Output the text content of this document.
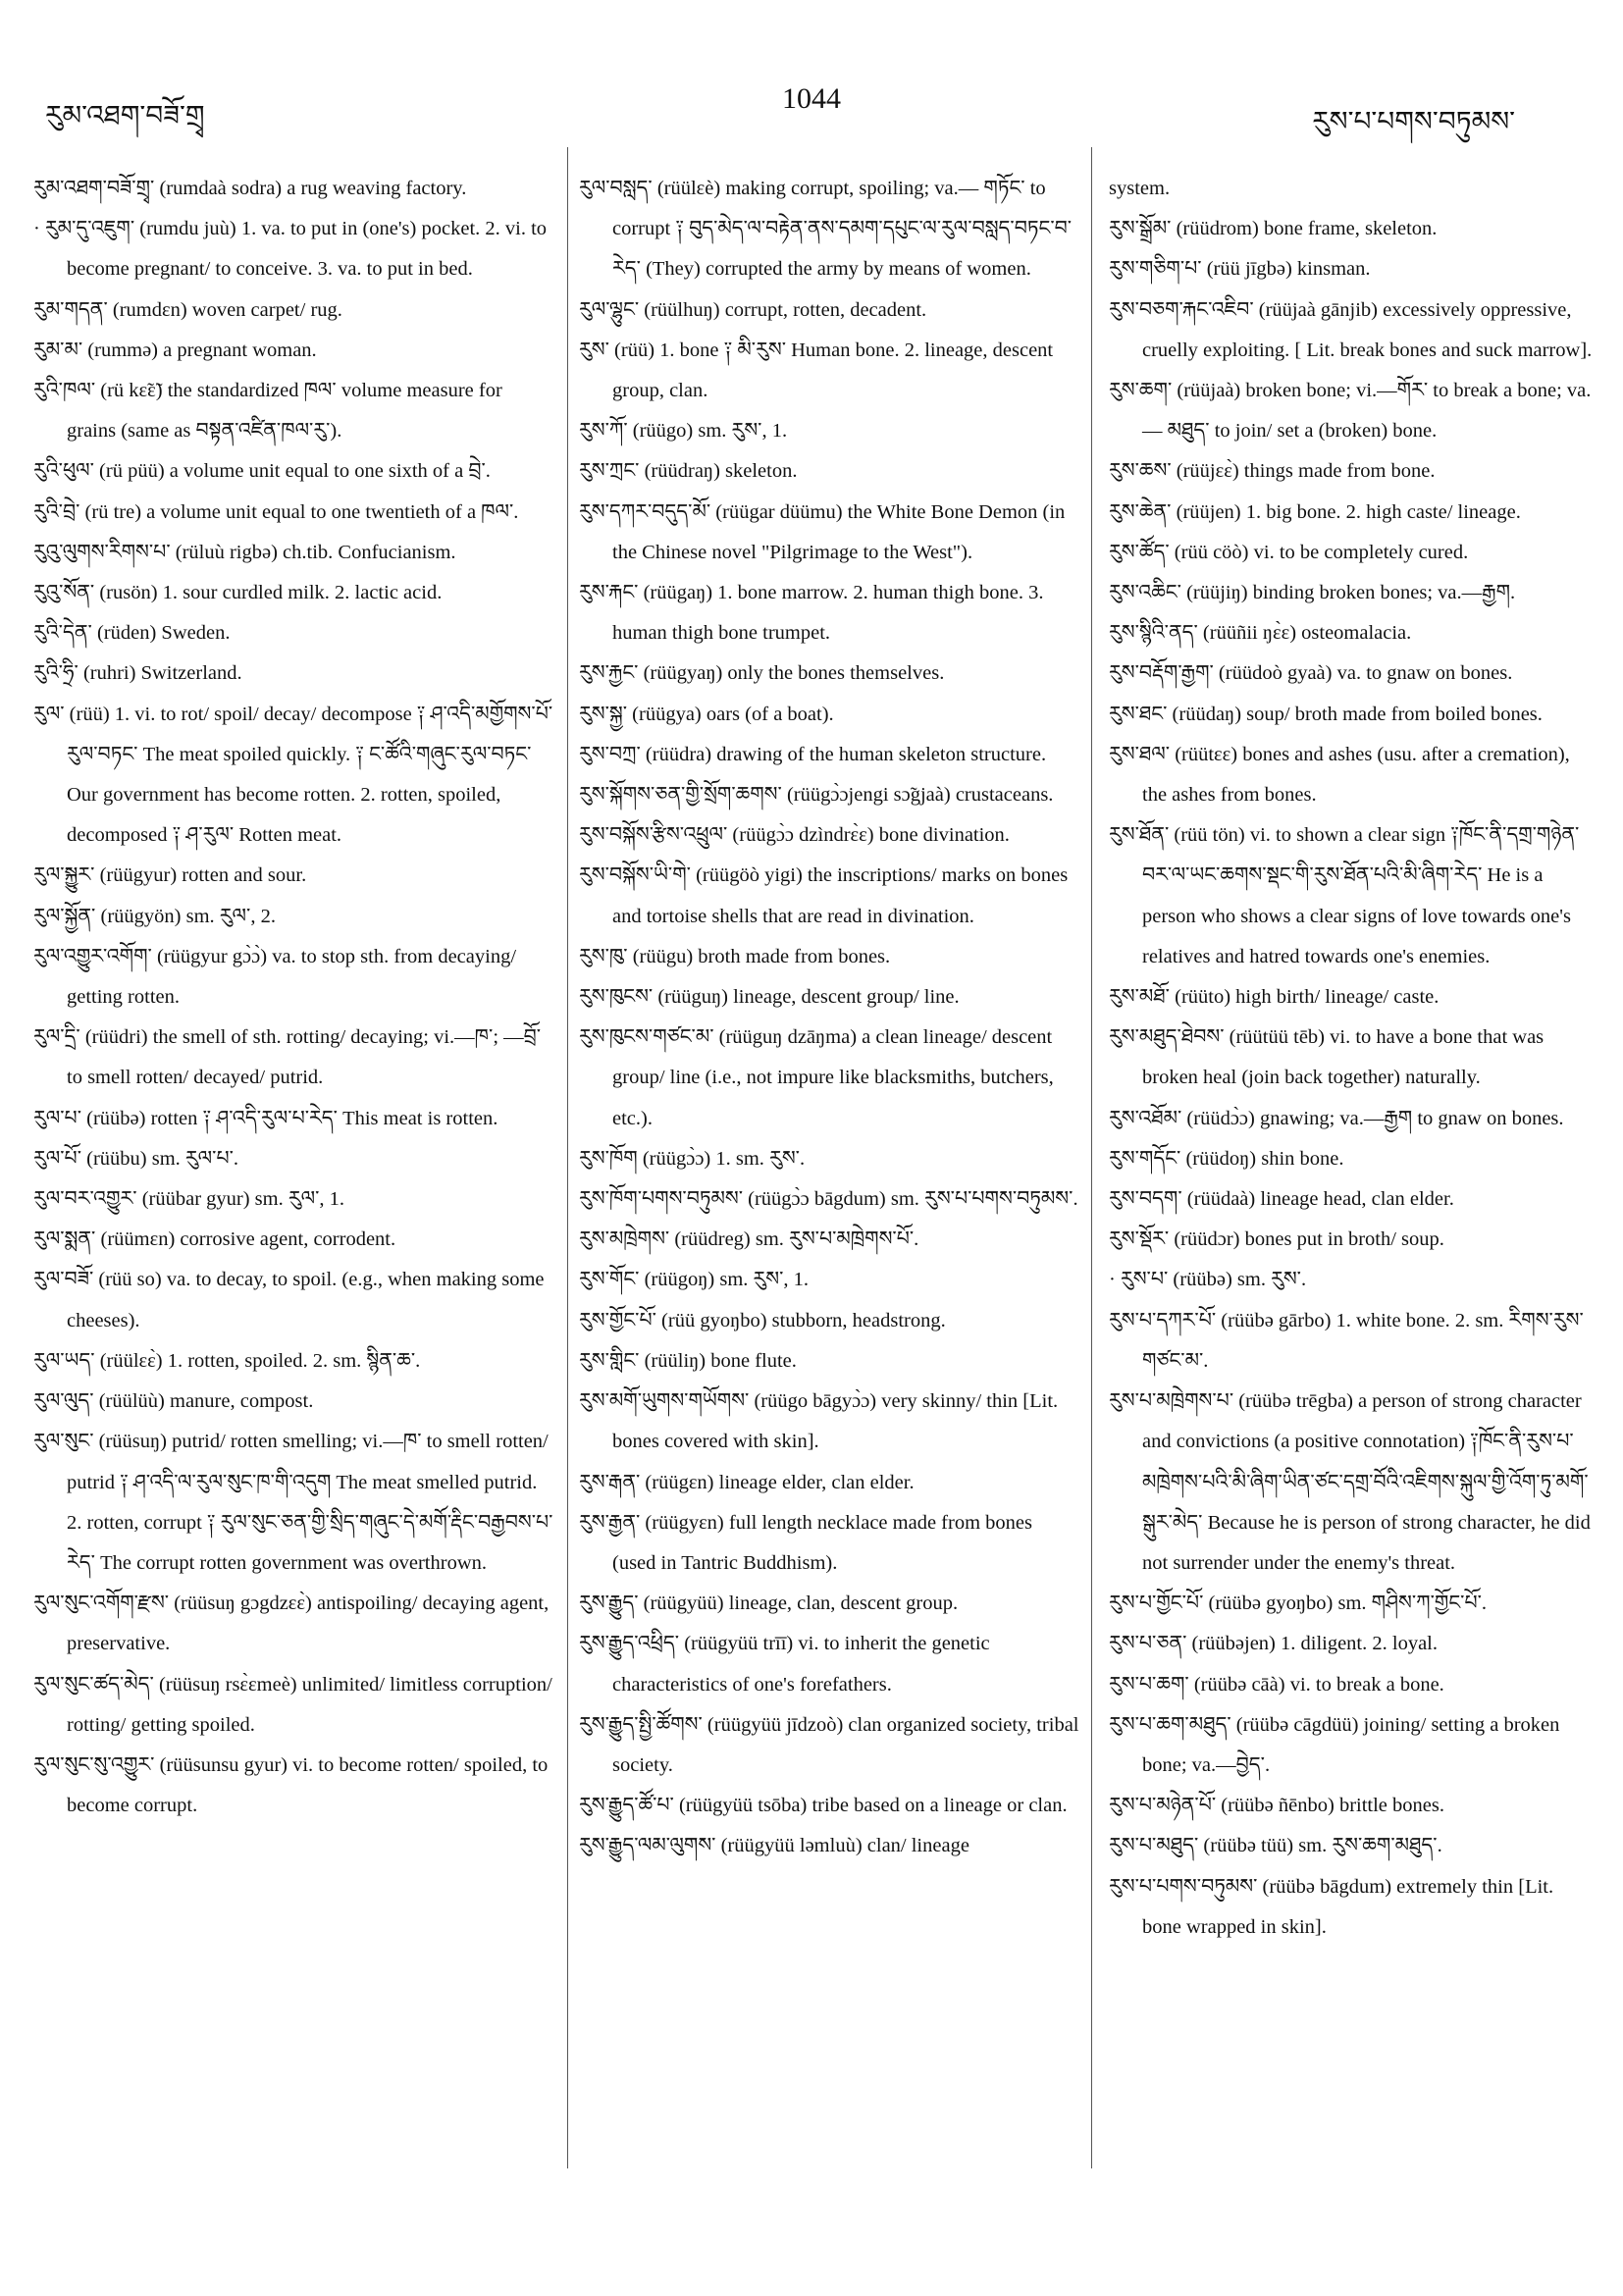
རུམ་འཐག་བཟོ་གྲྭ
1044
རུས་པ་པགས་བཏུམས་

རུམ་འཐག་བཟོ་གྲྭ་ (rumdaà sodra) a rug weaving factory.

· རུམ་དུ་འཇུག་ (rumdu juù) 1. va. to put in (one's) pocket. 2. vi. to become pregnant/ to conceive. 3. va. to put in bed.

རུམ་གདན་ (rumdɛn) woven carpet/ rug.

རུམ་མ་ (rummə) a pregnant woman.

རུའི་ཁལ་ (rü kɛ̃ɛ̃) the standardized ཁལ་ volume measure for grains (same as བསྟན་འཛིན་ཁལ་རུ་).

རུའི་ཕུལ་ (rü püü) a volume unit equal to one sixth of a བྲེ་.

རུའི་བྲེ་ (rü tre) a volume unit equal to one twentieth of a ཁལ་.

རུའུ་ལུགས་རིགས་པ་ (rüluù rigbə) ch.tib. Confucianism.

རུའུ་སོན་ (rusön) 1. sour curdled milk. 2. lactic acid.

རུའི་དེན་ (rüden) Sweden.

རུའི་ཧྲི་ (ruhri) Switzerland.

རུལ་ (rüü) 1. vi. to rot/ spoil/ decay/ decompose ༑ ཤ་འདི་མགྱོགས་པོ་རུལ་བཏང་ The meat spoiled quickly. ༑ ང་ཚོའི་གཞུང་རུལ་བཏང་ Our government has become rotten. 2. rotten, spoiled, decomposed ༑ ཤ་རུལ་ Rotten meat.

རུལ་སྐྱུར་ (rüügyur) rotten and sour.

རུལ་སྐྱོན་ (rüügyön) sm. རུལ་, 2.

རུལ་འགྱུར་འགོག་ (rüügyur gɔ̀ɔ̀) va. to stop sth. from decaying/ getting rotten.

རུལ་དྲི་ (rüüdri) the smell of sth. rotting/ decaying; vi.—ཁ་; —བྲོ་ to smell rotten/ decayed/ putrid.

རུལ་པ་ (rüübə) rotten ༑ ཤ་འདི་རུལ་པ་རེད་ This meat is rotten.

རུལ་པོ་ (rüübu) sm. རུལ་པ་.

རུལ་བར་འགྱུར་ (rüübar gyur) sm. རུལ་, 1.

རུལ་སྨན་ (rüümɛn) corrosive agent, corrodent.

རུལ་བཟོ་ (rüü so) va. to decay, to spoil. (e.g., when making some cheeses).

རུལ་ཡད་ (rüülɛɛ̀) 1. rotten, spoiled. 2. sm. སྙིན་ཆ་.

རུལ་ལུད་ (rüülüù) manure, compost.

རུལ་སུང་ (rüüsuŋ) putrid/ rotten smelling; vi.—ཁ་ to smell rotten/ putrid ༑ ཤ་འདི་ལ་རུལ་སུང་ཁ་གི་འདུག The meat smelled putrid. 2. rotten, corrupt ༑ རུལ་སུང་ཅན་གྱི་སྲིད་གཞུང་དེ་མགོ་རྡིང་བརྒྱབས་པ་རེད་ The corrupt rotten government was overthrown.

རུལ་སུང་འགོག་རྫས་ (rüüsuŋ gɔgdzɛɛ̀) antispoiling/ decaying agent, preservative.

རུལ་སུང་ཚད་མེད་ (rüüsuŋ rsɛ̀ɛmeè) unlimited/ limitless corruption/ rotting/ getting spoiled.

རུལ་སུང་སུ་འགྱུར་ (rüüsunsu gyur) vi. to become rotten/ spoiled, to become corrupt.

རུལ་བསླད་ (rüülɛè) making corrupt, spoiling; va.— གཏོང་ to corrupt ༑ བུད་མེད་ལ་བརྟེན་ནས་དམག་དཔུང་ལ་རུལ་བསླད་བཏང་བ་རེད་ (They) corrupted the army by means of women.

རུལ་ལྷུང་ (rüülhuŋ) corrupt, rotten, decadent.

རུས་ (rüü) 1. bone ༑ མི་རུས་ Human bone. 2. lineage, descent group, clan.

རུས་ཀོ་ (rüügo) sm. རུས་, 1.

རུས་ཀྲང་ (rüüdraŋ) skeleton.

རུས་དཀར་བདུད་མོ་ (rüügar düümu) the White Bone Demon (in the Chinese novel "Pilgrimage to the West").

རུས་རྐང་ (rüügaŋ) 1. bone marrow. 2. human thigh bone. 3. human thigh bone trumpet.

རུས་རྐྱང་ (rüügyaŋ) only the bones themselves.

རུས་སྐྱ་ (rüügya) oars (of a boat).

རུས་བཀྲ་ (rüüdra) drawing of the human skeleton structure.

རུས་སྐོགས་ཅན་གྱི་སྲོག་ཆགས་ (rüügɔ̀ɔjengi sɔ̃gjaà) crustaceans.

རུས་བསྐོས་རྩིས་འཕྲུལ་ (rüügɔ̀ɔ dzìndrɛ̀ɛ) bone divination.

རུས་བསྐོས་ཡི་གེ་ (rüügöò yigi) the inscriptions/ marks on bones and tortoise shells that are read in divination.

རུས་ཁུ་ (rüügu) broth made from bones.

རུས་ཁུངས་ (rüüguŋ) lineage, descent group/ line.

རུས་ཁུངས་གཙང་མ་ (rüüguŋ dzāŋma) a clean lineage/ descent group/ line (i.e., not impure like blacksmiths, butchers, etc.).

རུས་ཁོག (rüügɔ̀ɔ) 1. sm. རུས་.

རུས་ཁོག་པགས་བཏུམས་ (rüügɔ̀ɔ bāgdum) sm. རུས་པ་པགས་བཏུམས་.

རུས་མཁྲེགས་ (rüüdreg) sm. རུས་པ་མཁྲེགས་པོ་.

རུས་གོང་ (rüügoŋ) sm. རུས་, 1.

རུས་གྱོང་པོ་ (rüü gyoŋbo) stubborn, headstrong.

རུས་གླིང་ (rüüliŋ) bone flute.

རུས་མགོ་ཡུགས་གཡོགས་ (rüügo bāgyɔ̀ɔ) very skinny/ thin [Lit. bones covered with skin].

རུས་རྒན་ (rüügɛn) lineage elder, clan elder.

རུས་རྒྱན་ (rüügyɛn) full length necklace made from bones (used in Tantric Buddhism).

རུས་རྒྱུད་ (rüügyüü) lineage, clan, descent group.

རུས་རྒྱུད་འཕྲིད་ (rüügyüü trīī) vi. to inherit the genetic characteristics of one's forefathers.

རུས་རྒྱུད་སྤྱི་ཚོགས་ (rüügyüü jīdzoò) clan organized society, tribal society.

རུས་རྒྱུད་ཚོ་པ་ (rüügyüü tsōba) tribe based on a lineage or clan.

རུས་རྒྱུད་ལམ་ལུགས་ (rüügyüü ləmluù) clan/ lineage

system.

རུས་སྒྲོམ་ (rüüdrom) bone frame, skeleton.

རུས་གཅིག་པ་ (rüü jīgbə) kinsman.

རུས་བཅག་རྐང་འཇིབ་ (rüüjaà gānjib) excessively oppressive, cruelly exploiting. [ Lit. break bones and suck marrow].

རུས་ཆག་ (rüüjaà) broken bone; vi.—གོར་ to break a bone; va.— མཐུད་ to join/ set a (broken) bone.

རུས་ཆས་ (rüüjɛɛ̀) things made from bone.

རུས་ཆེན་ (rüüjen) 1. big bone. 2. high caste/ lineage.

རུས་ཚོད་ (rüü cöò) vi. to be completely cured.

རུས་འཆིང་ (rüüjiŋ) binding broken bones; va.—རྒྱག.

རུས་སྙིའི་ནད་ (rüüñii ŋɛ̀ɛ) osteomalacia.

རུས་བརྡོག་རྒྱག་ (rüüdoò gyaà) va. to gnaw on bones.

རུས་ཐང་ (rüüdaŋ) soup/ broth made from boiled bones.

རུས་ཐལ་ (rüütɛɛ) bones and ashes (usu. after a cremation), the ashes from bones.

རུས་ཐོན་ (rüü tön) vi. to shown a clear sign ༑ཁོང་ནི་དགྲ་གཉེན་བར་ལ་ཡང་ཆགས་སྡང་གི་རུས་ཐོན་པའི་མི་ཞིག་རེད་ He is a person who shows a clear signs of love towards one's relatives and hatred towards one's enemies.

རུས་མཐོ་ (rüüto) high birth/ lineage/ caste.

རུས་མཐུད་ཐེབས་ (rüütüü tēb) vi. to have a bone that was broken heal (join back together) naturally.

རུས་འཐོམ་ (rüüdɔ̀ɔ) gnawing; va.—རྒྱག to gnaw on bones.

རུས་གདོང་ (rüüdoŋ) shin bone.

རུས་བདག་ (rüüdaà) lineage head, clan elder.

རུས་སྡོར་ (rüüdɔr) bones put in broth/ soup.

· རུས་པ་ (rüübə) sm. རུས་.

རུས་པ་དཀར་པོ་ (rüübə gārbo) 1. white bone. 2. sm. རིགས་རུས་གཙང་མ་.

རུས་པ་མཁྲེགས་པ་ (rüübə trēgba) a person of strong character and convictions (a positive connotation) ༑ཁོང་ནི་རུས་པ་མཁྲེགས་པའི་མི་ཞིག་ཡིན་ཙང་དགྲ་བོའི་འཇིགས་སྐུལ་གྱི་འོག་ཏུ་མགོ་སྒུར་མེད་ Because he is person of strong character, he did not surrender under the enemy's threat.

རུས་པ་གྱོང་པོ་ (rüübə gyoŋbo) sm. གཤིས་ཀ་གྱོང་པོ་.

རུས་པ་ཅན་ (rüübəjen) 1. diligent. 2. loyal.

རུས་པ་ཆག་ (rüübə cāà) vi. to break a bone.

རུས་པ་ཆག་མཐུད་ (rüübə cāgdüü) joining/ setting a broken bone; va.—བྱེད་.

རུས་པ་མཉེན་པོ་ (rüübə ñēnbo) brittle bones.

རུས་པ་མཐུད་ (rüübə tüü) sm. རུས་ཆག་མཐུད་.

རུས་པ་པགས་བཏུམས་ (rüübə bāgdum) extremely thin [Lit. bone wrapped in skin].
